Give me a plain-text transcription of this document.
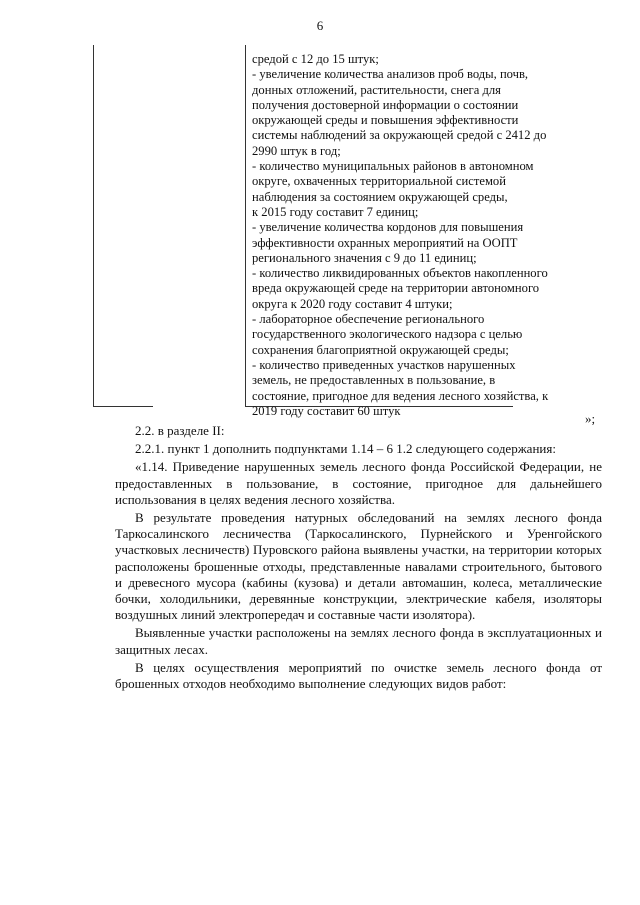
6
средой с 12 до 15 штук;
- увеличение количества анализов проб воды, почв,
донных отложений, растительности, снега для
получения достоверной информации о состоянии
окружающей среды и повышения эффективности
системы наблюдений за окружающей средой с 2412 до
2990 штук в год;
- количество муниципальных районов в автономном
округе, охваченных территориальной системой
наблюдения за состоянием окружающей среды,
к 2015 году составит 7 единиц;
- увеличение количества кордонов для повышения
эффективности охранных мероприятий на ООПТ
регионального значения с 9 до 11 единиц;
- количество ликвидированных объектов накопленного
вреда окружающей среде на территории автономного
округа к 2020 году составит 4 штуки;
- лабораторное обеспечение регионального
государственного экологического надзора с целью
сохранения благоприятной окружающей среды;
- количество приведенных участков нарушенных
земель, не предоставленных в пользование, в
состояние, пригодное для ведения лесного хозяйства, к
2019 году составит 60 штук
»;

2.2. в разделе II:

2.2.1. пункт 1 дополнить подпунктами 1.14 – 6 1.2 следующего содержания:

«1.14. Приведение нарушенных земель лесного фонда Российской Федерации, не предоставленных в пользование, в состояние, пригодное для дальнейшего использования в целях ведения лесного хозяйства.

В результате проведения натурных обследований на землях лесного фонда Таркосалинского лесничества (Таркосалинского, Пурнейского и Уренгойского участковых лесничеств) Пуровского района выявлены участки, на территории которых расположены брошенные отходы, представленные навалами строительного, бытового и древесного мусора (кабины (кузова) и детали автомашин, колеса, металлические бочки, холодильники, деревянные конструкции, электрические кабеля, изоляторы воздушных линий электропередач и составные части изолятора).

Выявленные участки расположены на землях лесного фонда в эксплуатационных и защитных лесах.

В целях осуществления мероприятий по очистке земель лесного фонда от брошенных отходов необходимо выполнение следующих видов работ:
